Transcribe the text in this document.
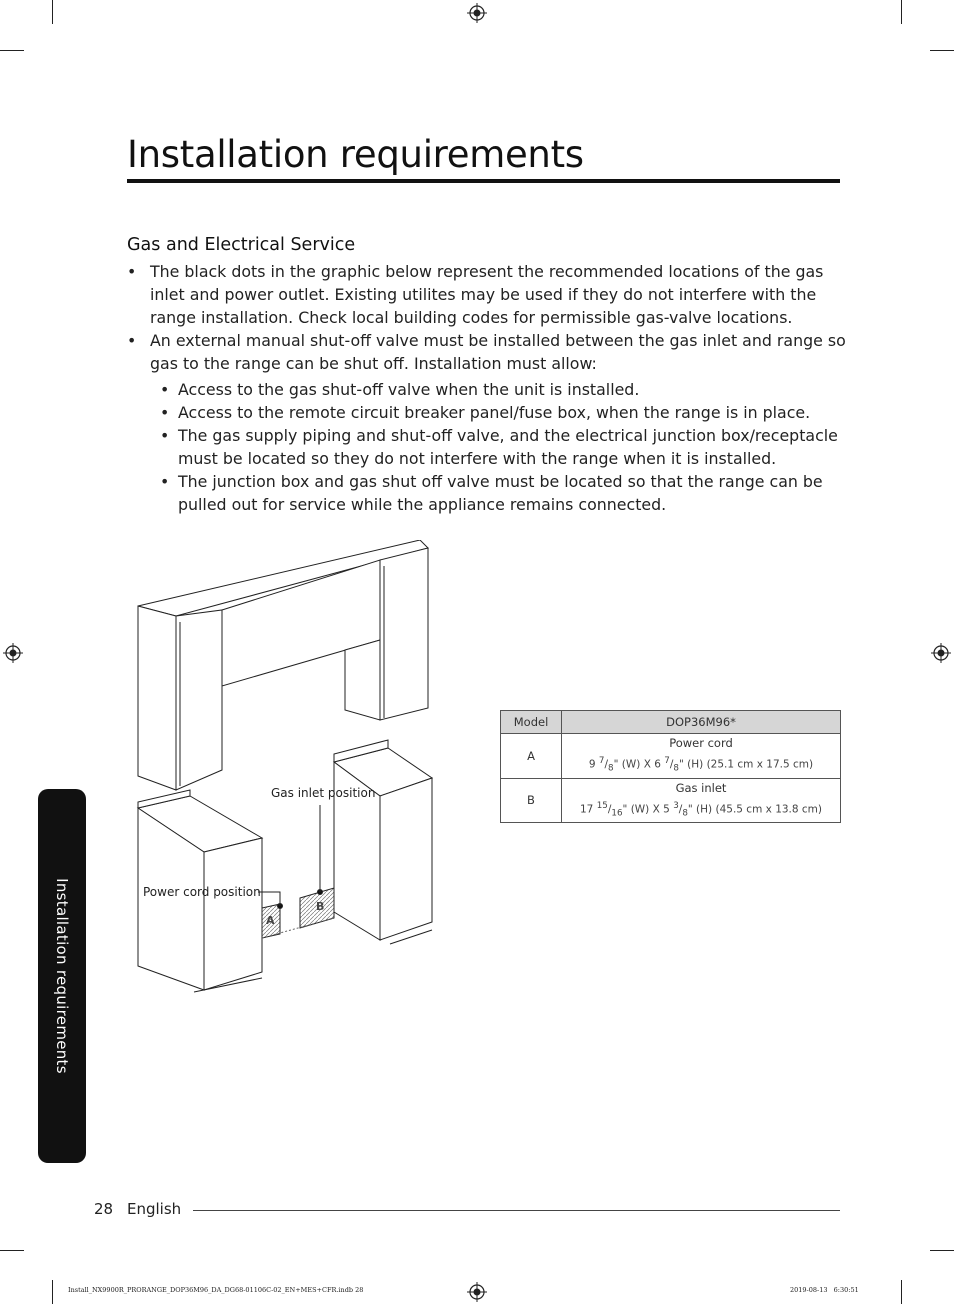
Installation requirements
Gas and Electrical Service
• The black dots in the graphic below represent the recommended locations of the gas inlet and power outlet. Existing utilites may be used if they do not interfere with the range installation. Check local building codes for permissible gas-valve locations.
• An external manual shut-off valve must be installed between the gas inlet and range so gas to the range can be shut off. Installation must allow:
• Access to the gas shut-off valve when the unit is installed.
• Access to the remote circuit breaker panel/fuse box, when the range is in place.
• The gas supply piping and shut-off valve, and the electrical junction box/receptacle must be located so they do not interfere with the range when it is installed.
• The junction box and gas shut off valve must be located so that the range can be pulled out for service while the appliance remains connected.
Gas inlet position
Power cord position
A
B
Model	DOP36M96*
A	Power cord
9 $^7/_8$" (W) X 6 $^7/_8$" (H) (25.1 cm x 17.5 cm)

B	Gas inlet
17 $^{15}/_{16}$" (W) X 5 $^3/_8$" (H) (45.5 cm x 13.8 cm)
Installation requirements
28 English
Install_NX9900R_PRORANGE_DOP36M96_DA_DG68-01106C-02_EN+MES+CFR.indb 28	2019-08-13   6:30:51
